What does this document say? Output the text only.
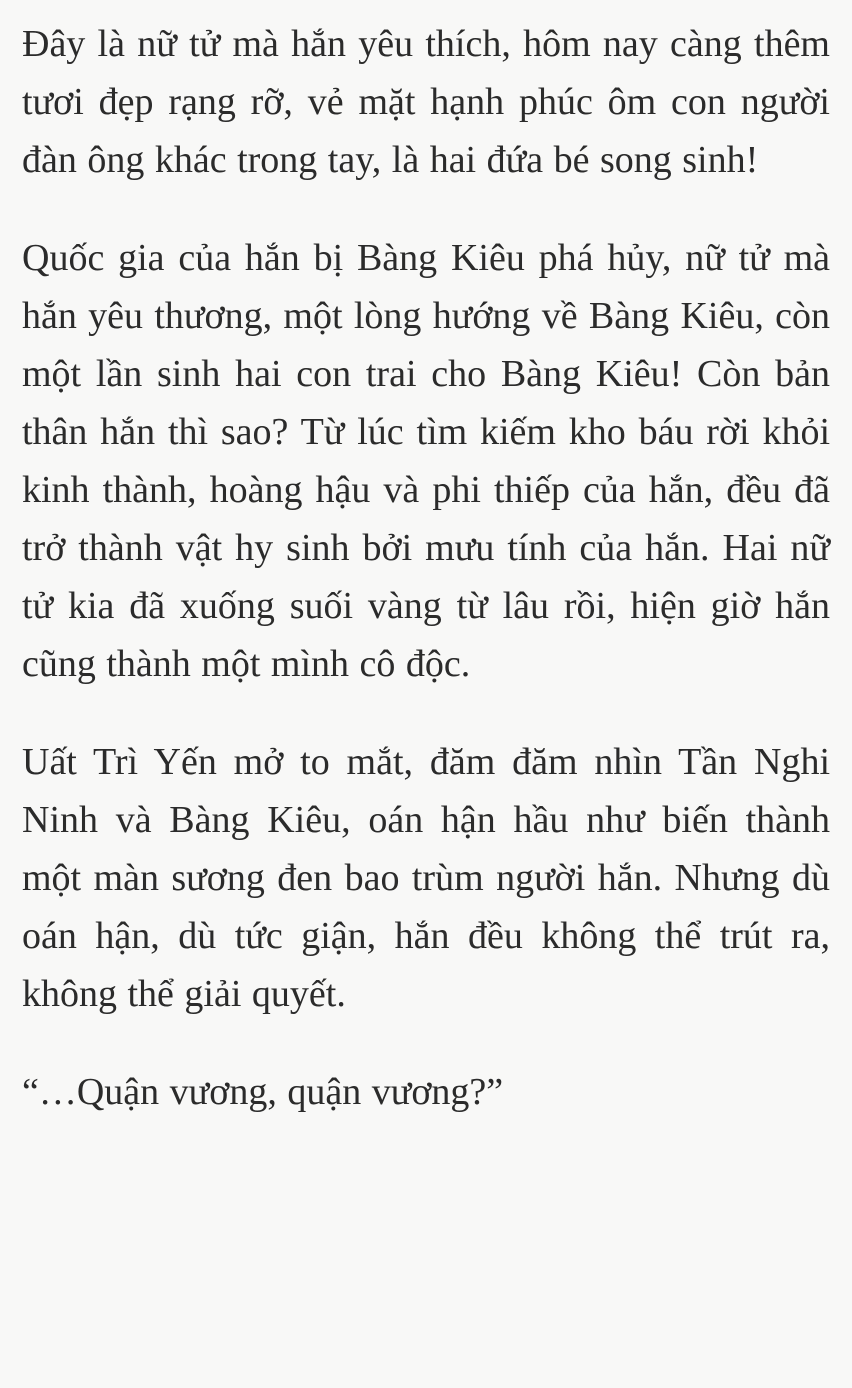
Đây là nữ tử mà hắn yêu thích, hôm nay càng thêm tươi đẹp rạng rỡ, vẻ mặt hạnh phúc ôm con người đàn ông khác trong tay, là hai đứa bé song sinh!

Quốc gia của hắn bị Bàng Kiêu phá hủy, nữ tử mà hắn yêu thương, một lòng hướng về Bàng Kiêu, còn một lần sinh hai con trai cho Bàng Kiêu! Còn bản thân hắn thì sao? Từ lúc tìm kiếm kho báu rời khỏi kinh thành, hoàng hậu và phi thiếp của hắn, đều đã trở thành vật hy sinh bởi mưu tính của hắn. Hai nữ tử kia đã xuống suối vàng từ lâu rồi, hiện giờ hắn cũng thành một mình cô độc.

Uất Trì Yến mở to mắt, đăm đăm nhìn Tần Nghi Ninh và Bàng Kiêu, oán hận hầu như biến thành một màn sương đen bao trùm người hắn. Nhưng dù oán hận, dù tức giận, hắn đều không thể trút ra, không thể giải quyết.

“…Quận vương, quận vương?”
